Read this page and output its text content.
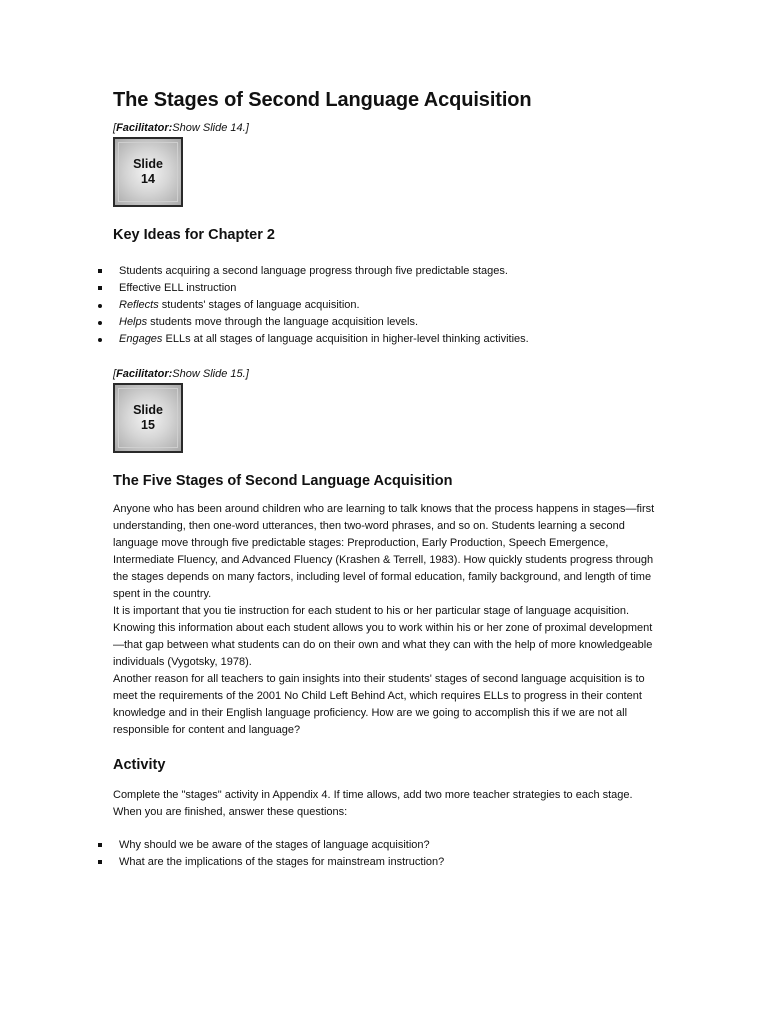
The Stages of Second Language Acquisition
[Facilitator:Show Slide 14.]
Slide
14
Key Ideas for Chapter 2
Students acquiring a second language progress through five predictable stages.
Effective ELL instruction
Reflects students' stages of language acquisition.
Helps students move through the language acquisition levels.
Engages ELLs at all stages of language acquisition in higher-level thinking activities.
[Facilitator:Show Slide 15.]
Slide
15
The Five Stages of Second Language Acquisition

Anyone who has been around children who are learning to talk knows that the process happens in stages—first understanding, then one-word utterances, then two-word phrases, and so on. Students learning a second language move through five predictable stages: Preproduction, Early Production, Speech Emergence, Intermediate Fluency, and Advanced Fluency (Krashen & Terrell, 1983). How quickly students progress through the stages depends on many factors, including level of formal education, family background, and length of time spent in the country.

It is important that you tie instruction for each student to his or her particular stage of language acquisition. Knowing this information about each student allows you to work within his or her zone of proximal development—that gap between what students can do on their own and what they can with the help of more knowledgeable individuals (Vygotsky, 1978).

Another reason for all teachers to gain insights into their students' stages of second language acquisition is to meet the requirements of the 2001 No Child Left Behind Act, which requires ELLs to progress in their content knowledge and in their English language proficiency. How are we going to accomplish this if we are not all responsible for content and language?

Activity

Complete the "stages" activity in Appendix 4. If time allows, add two more teacher strategies to each stage. When you are finished, answer these questions:

Why should we be aware of the stages of language acquisition?
What are the implications of the stages for mainstream instruction?
